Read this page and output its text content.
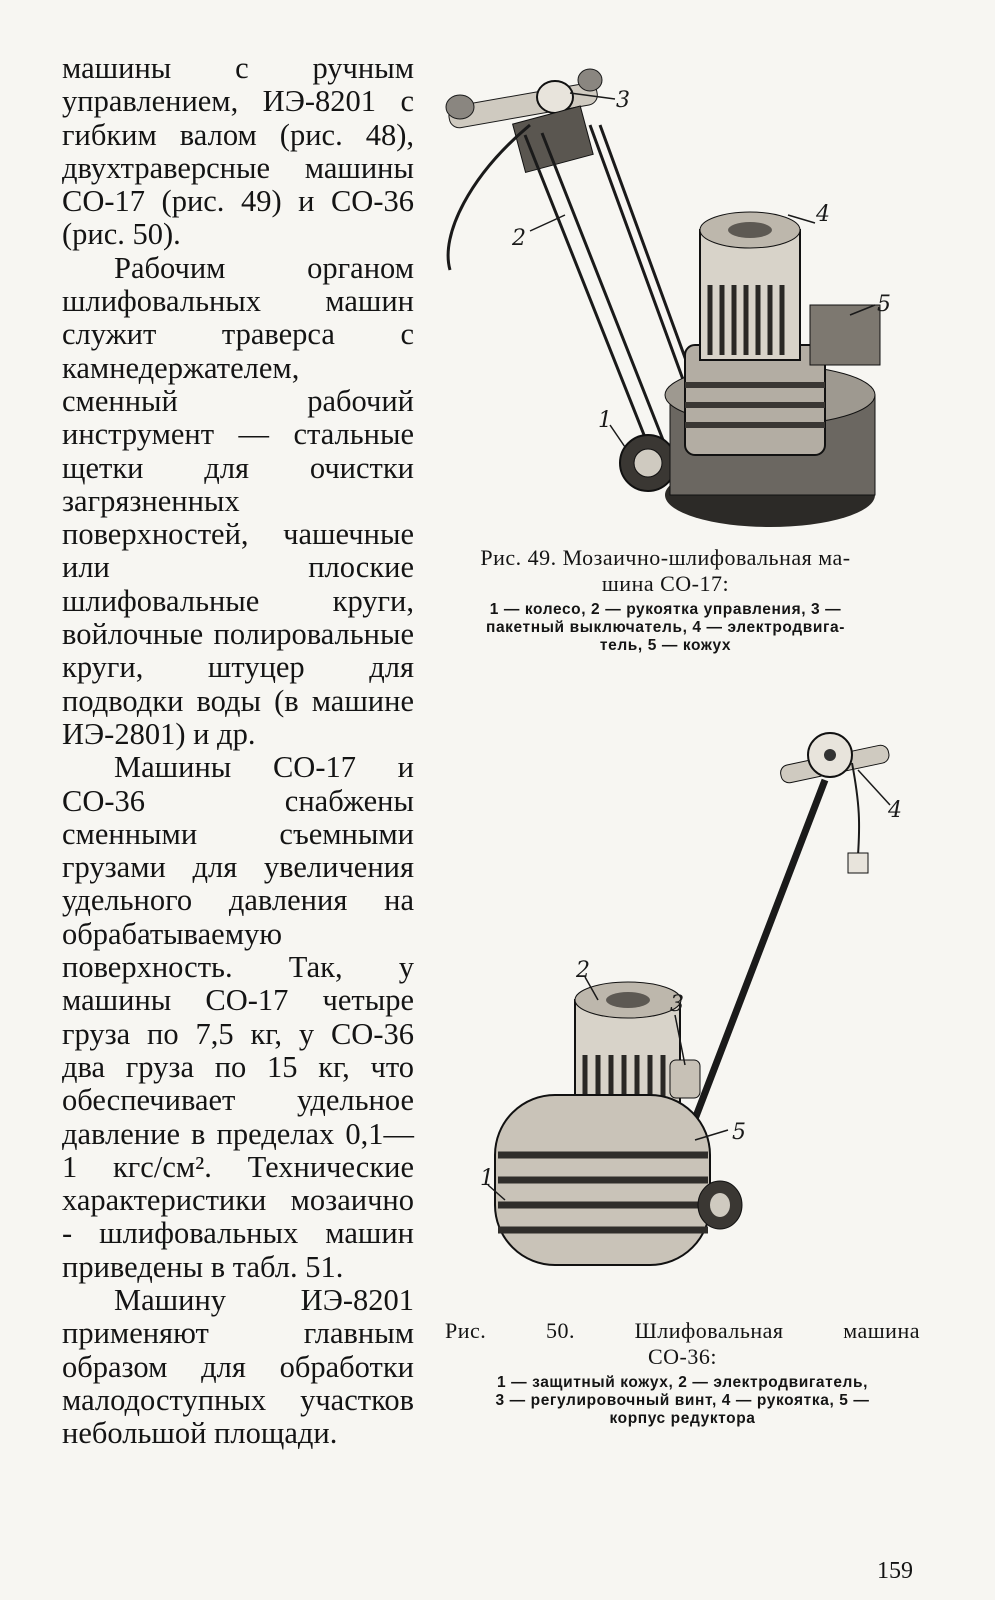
машины с ручным управлением, ИЭ-8201 с гибким валом (рис. 48), двухтраверсные машины СО-17 (рис. 49) и СО-36 (рис. 50).

Рабочим органом шлифовальных машин служит траверса с камнедержателем, сменный рабочий инструмент — стальные щетки для очистки загрязненных поверхностей, чашечные или плоские шлифовальные круги, войлочные полировальные круги, штуцер для подводки воды (в машине ИЭ-2801) и др.

Машины СО-17 и СО-36 снабжены сменными съемными грузами для увеличения удельного давления на обрабатываемую поверхность. Так, у машины СО-17 четыре груза по 7,5 кг, у СО-36 два груза по 15 кг, что обеспечивает удельное давление в пределах 0,1—1 кгс/см². Технические характеристики мозаично - шлифовальных машин приведены в табл. 51.

Машину ИЭ-8201 применяют главным образом для обработки малодоступных участков небольшой площади.

3
2
4
5
1
Рис. 49. Мозаично-шлифовальная ма-
шина СО-17:
1 — колесо, 2 — рукоятка управления, 3 —
пакетный выключатель, 4 — электродвига-
тель, 5 — кожух
4
2
3
5
1
Рис. 50. Шлифовальная машина
СО-36:
1 — защитный кожух, 2 — электродвигатель,
3 — регулировочный винт, 4 — рукоятка, 5 —
корпус редуктора
159
